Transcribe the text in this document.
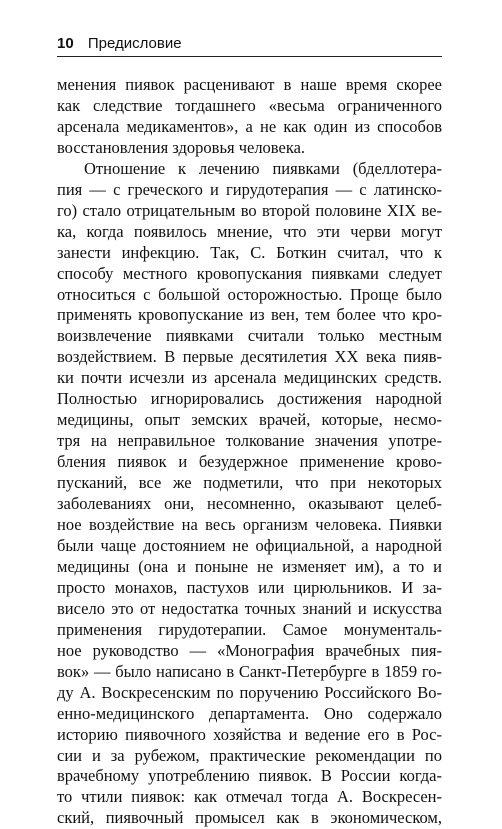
10 Предисловие
менения пиявок расценивают в наше время скорее
как следствие тогдашнего «весьма ограниченного
арсенала медикаментов», а не как один из способов
восстановления здоровья человека.
Отношение к лечению пиявками (бделлотера-
пия — с греческого и гирудотерапия — с латинско-
го) стало отрицательным во второй половине XIX ве-
ка, когда появилось мнение, что эти черви могут
занести инфекцию. Так, С. Боткин считал, что к
способу местного кровопускания пиявками следует
относиться с большой осторожностью. Проще было
применять кровопускание из вен, тем более что кро-
воизвлечение пиявками считали только местным
воздействием. В первые десятилетия XX века пияв-
ки почти исчезли из арсенала медицинских средств.
Полностью игнорировались достижения народной
медицины, опыт земских врачей, которые, несмо-
тря на неправильное толкование значения употре-
бления пиявок и безудержное применение крово-
пусканий, все же подметили, что при некоторых
заболеваниях они, несомненно, оказывают целеб-
ное воздействие на весь организм человека. Пиявки
были чаще достоянием не официальной, а народной
медицины (она и поныне не изменяет им), а то и
просто монахов, пастухов или цирюльников. И за-
висело это от недостатка точных знаний и искусства
применения гирудотерапии. Самое монументаль-
ное руководство — «Монография врачебных пия-
вок» — было написано в Санкт-Петербурге в 1859 го-
ду А. Воскресенским по поручению Российского Во-
енно-медицинского департамента. Оно содержало
историю пиявочного хозяйства и ведение его в Рос-
сии и за рубежом, практические рекомендации по
врачебному употреблению пиявок. В России когда-
то чтили пиявок: как отмечал тогда А. Воскресен-
ский, пиявочный промысел как в экономическом,
